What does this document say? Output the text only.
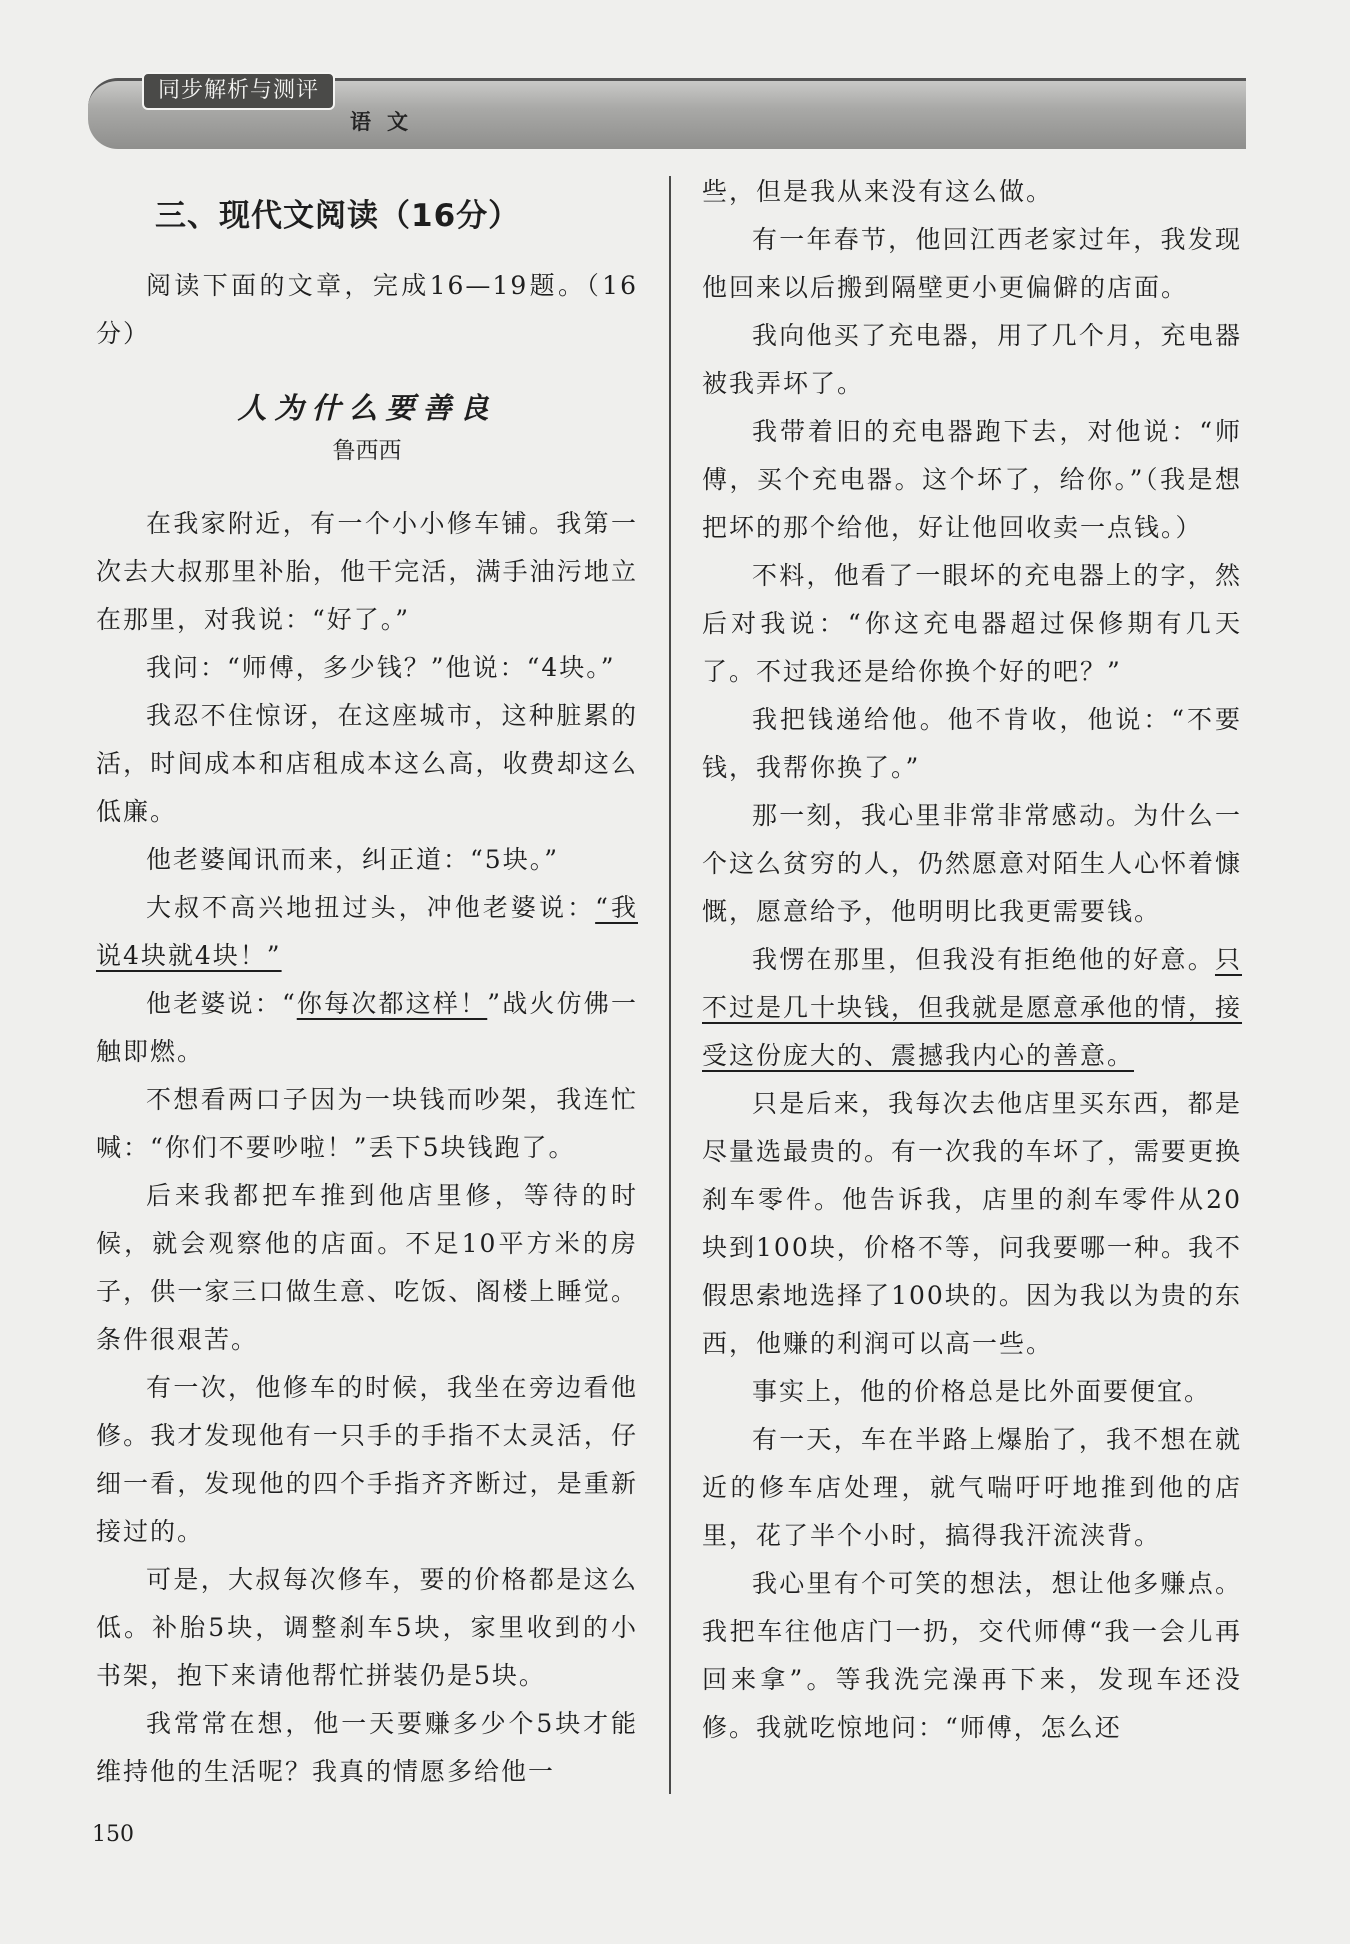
同步解析与测评
语文
三、现代文阅读（16分）

阅读下面的文章，完成16—19题。（16分）

人为什么要善良
鲁西西

在我家附近，有一个小小修车铺。我第一次去大叔那里补胎，他干完活，满手油污地立在那里，对我说：“好了。”

我问：“师傅，多少钱？”他说：“4块。”

我忍不住惊讶，在这座城市，这种脏累的活，时间成本和店租成本这么高，收费却这么低廉。

他老婆闻讯而来，纠正道：“5块。”

大叔不高兴地扭过头，冲他老婆说：“我说4块就4块！”

他老婆说：“你每次都这样！”战火仿佛一触即燃。

不想看两口子因为一块钱而吵架，我连忙喊：“你们不要吵啦！”丢下5块钱跑了。

后来我都把车推到他店里修，等待的时候，就会观察他的店面。不足10平方米的房子，供一家三口做生意、吃饭、阁楼上睡觉。条件很艰苦。

有一次，他修车的时候，我坐在旁边看他修。我才发现他有一只手的手指不太灵活，仔细一看，发现他的四个手指齐齐断过，是重新接过的。

可是，大叔每次修车，要的价格都是这么低。补胎5块，调整刹车5块，家里收到的小书架，抱下来请他帮忙拼装仍是5块。

我常常在想，他一天要赚多少个5块才能维持他的生活呢？我真的情愿多给他一

些，但是我从来没有这么做。

有一年春节，他回江西老家过年，我发现他回来以后搬到隔壁更小更偏僻的店面。

我向他买了充电器，用了几个月，充电器被我弄坏了。

我带着旧的充电器跑下去，对他说：“师傅，买个充电器。这个坏了，给你。”（我是想把坏的那个给他，好让他回收卖一点钱。）

不料，他看了一眼坏的充电器上的字，然后对我说：“你这充电器超过保修期有几天了。不过我还是给你换个好的吧？”

我把钱递给他。他不肯收，他说：“不要钱，我帮你换了。”

那一刻，我心里非常非常感动。为什么一个这么贫穷的人，仍然愿意对陌生人心怀着慷慨，愿意给予，他明明比我更需要钱。

我愣在那里，但我没有拒绝他的好意。只不过是几十块钱，但我就是愿意承他的情，接受这份庞大的、震撼我内心的善意。

只是后来，我每次去他店里买东西，都是尽量选最贵的。有一次我的车坏了，需要更换刹车零件。他告诉我，店里的刹车零件从20块到100块，价格不等，问我要哪一种。我不假思索地选择了100块的。因为我以为贵的东西，他赚的利润可以高一些。

事实上，他的价格总是比外面要便宜。

有一天，车在半路上爆胎了，我不想在就近的修车店处理，就气喘吁吁地推到他的店里，花了半个小时，搞得我汗流浃背。

我心里有个可笑的想法，想让他多赚点。我把车往他店门一扔，交代师傅“我一会儿再回来拿”。等我洗完澡再下来，发现车还没修。我就吃惊地问：“师傅，怎么还

150
